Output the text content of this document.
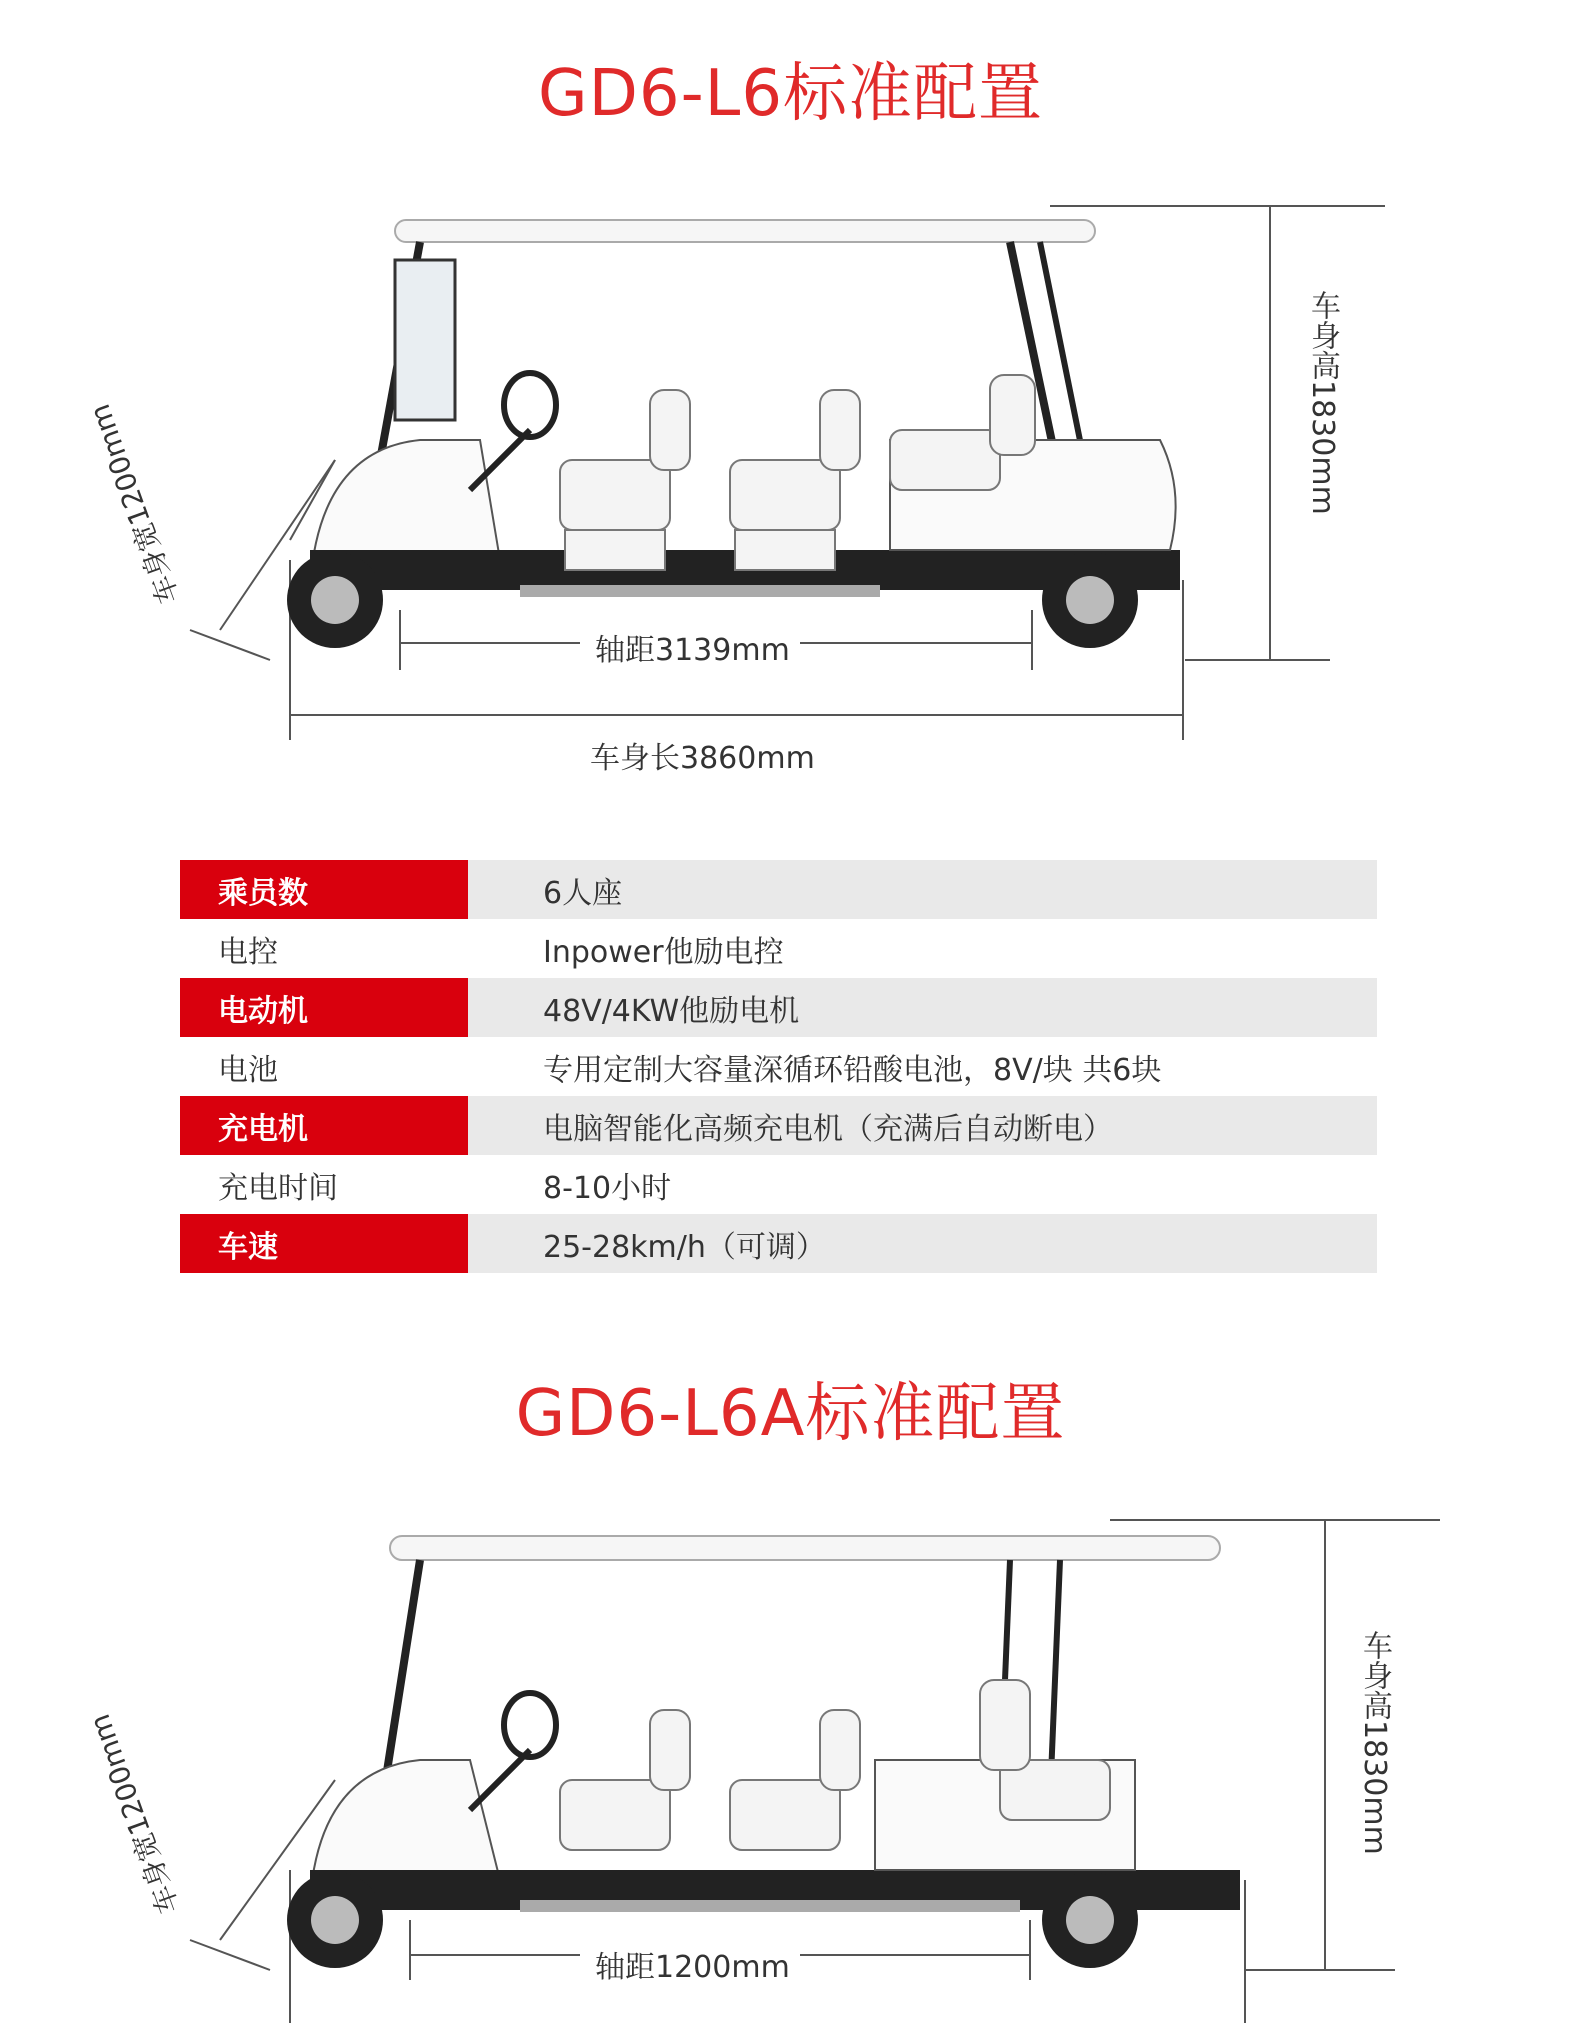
GD6-L6标准配置
车身高1830mm
车身宽1200mm
轴距3139mm
车身长3860mm
乘员数	6人座
电控	Inpower他励电控
电动机	48V/4KW他励电机
电池	专用定制大容量深循环铅酸电池，8V/块 共6块
充电机	电脑智能化高频充电机（充满后自动断电）
充电时间	8-10小时
车速	25-28km/h（可调）
GD6-L6A标准配置
车身高1830mm
车身宽1200mm
轴距1200mm
